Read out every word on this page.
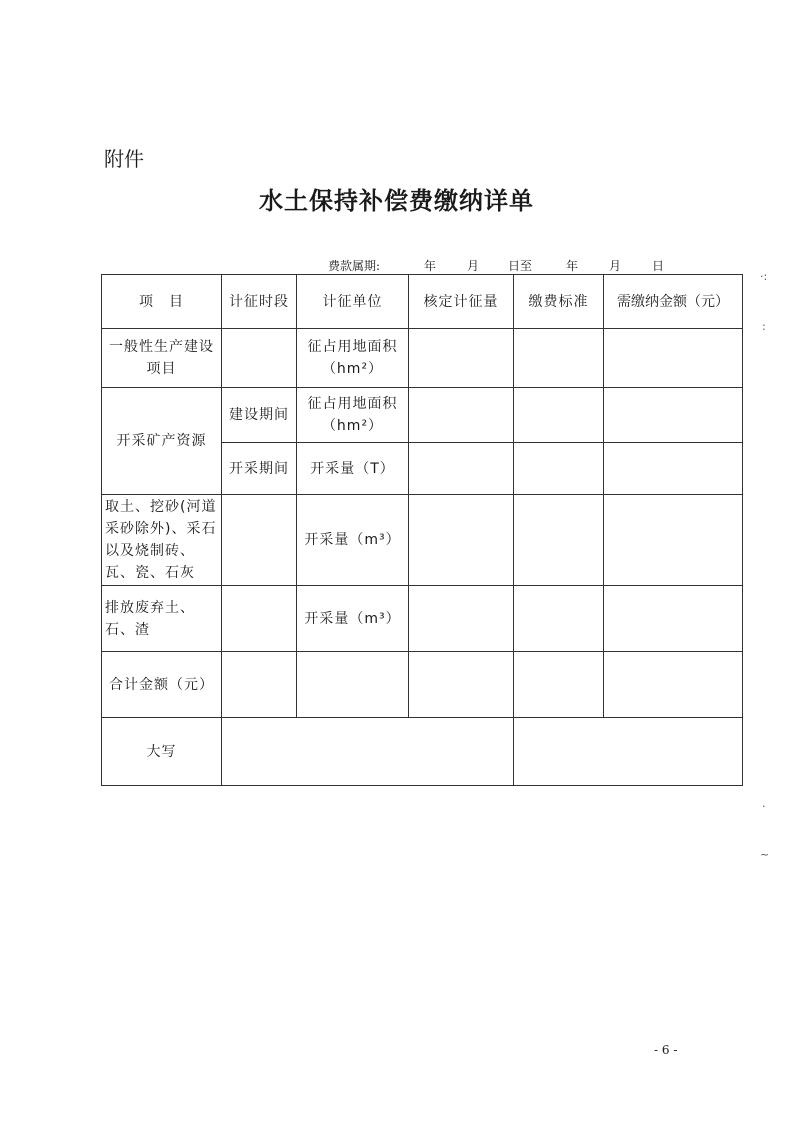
附件
水土保持补偿费缴纳详单
费款属期:	年	月 日至	年	月	日
项　目	计征时段	计征单位	核定计征量	缴费标准	需缴纳金额（元）
一般性生产建设项目		征占用地面积
（hm²）			

开采矿产资源	建设期间	征占用地面积
（hm²）			

	开采期间	开采量（T）			
取土、挖砂(河道采砂除外)、采石以及烧制砖、瓦、瓷、石灰		开采量（m³）			
排放废弃土、石、渣		开采量（m³）			
合计金额（元）					
大写					
·:
:
·
~
- 6 -
